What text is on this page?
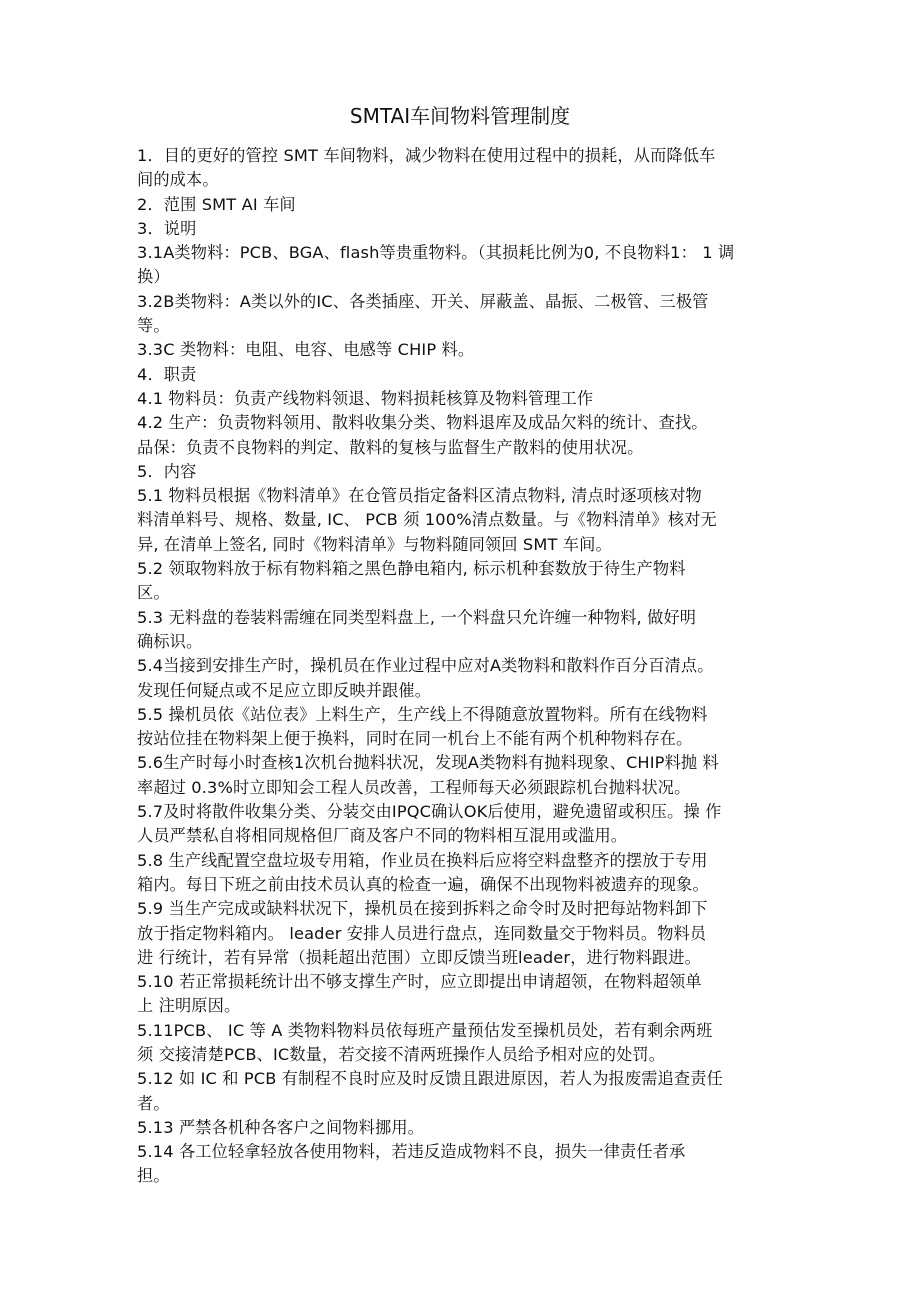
SMTAI车间物料管理制度
1．目的更好的管控 SMT 车间物料，减少物料在使用过程中的损耗，从而降低车
间的成本。
2．范围 SMT AI 车间
3．说明
3.1A类物料：PCB、BGA、flash等贵重物料。（其损耗比例为0, 不良物料1： 1 调
换）
3.2B类物料：A类以外的IC、各类插座、开关、屏蔽盖、晶振、二极管、三极管
等。
3.3C 类物料：电阻、电容、电感等 CHIP 料。
4．职责
4.1 物料员：负责产线物料领退、物料损耗核算及物料管理工作
4.2 生产：负责物料领用、散料收集分类、物料退库及成品欠料的统计、查找。
品保：负责不良物料的判定、散料的复核与监督生产散料的使用状况。
5．内容
5.1 物料员根据《物料清单》在仓管员指定备料区清点物料, 清点时逐项核对物
料清单料号、规格、数量, IC、 PCB 须 100%清点数量。与《物料清单》核对无
异, 在清单上签名, 同时《物料清单》与物料随同领回 SMT 车间。
5.2 领取物料放于标有物料箱之黑色静电箱内, 标示机种套数放于待生产物料
区。
5.3 无料盘的卷装料需缠在同类型料盘上, 一个料盘只允许缠一种物料, 做好明
确标识。
5.4当接到安排生产时，操机员在作业过程中应对A类物料和散料作百分百清点。
发现任何疑点或不足应立即反映并跟催。
5.5 操机员依《站位表》上料生产，生产线上不得随意放置物料。所有在线物料
按站位挂在物料架上便于换料，同时在同一机台上不能有两个机种物料存在。
5.6生产时每小时查核1次机台抛料状况，发现A类物料有抛料现象、CHIP料抛 料
率超过 0.3%时立即知会工程人员改善，工程师每天必须跟踪机台抛料状况。
5.7及时将散件收集分类、分装交由IPQC确认OK后使用，避免遗留或积压。操 作
人员严禁私自将相同规格但厂商及客户不同的物料相互混用或滥用。
5.8 生产线配置空盘垃圾专用箱，作业员在换料后应将空料盘整齐的摆放于专用
箱内。每日下班之前由技术员认真的检查一遍，确保不出现物料被遗弃的现象。
5.9 当生产完成或缺料状况下，操机员在接到拆料之命令时及时把每站物料卸下
放于指定物料箱内。 leader 安排人员进行盘点，连同数量交于物料员。物料员
进 行统计，若有异常（损耗超出范围）立即反馈当班leader，进行物料跟进。
5.10 若正常损耗统计出不够支撑生产时，应立即提出申请超领，在物料超领单
上 注明原因。
5.11PCB、 IC 等 A 类物料物料员依每班产量预估发至操机员处，若有剩余两班
须 交接清楚PCB、IC数量，若交接不清两班操作人员给予相对应的处罚。
5.12 如 IC 和 PCB 有制程不良时应及时反馈且跟进原因，若人为报废需追查责任
者。
5.13 严禁各机种各客户之间物料挪用。
5.14 各工位轻拿轻放各使用物料，若违反造成物料不良，损失一律责任者承
担。
